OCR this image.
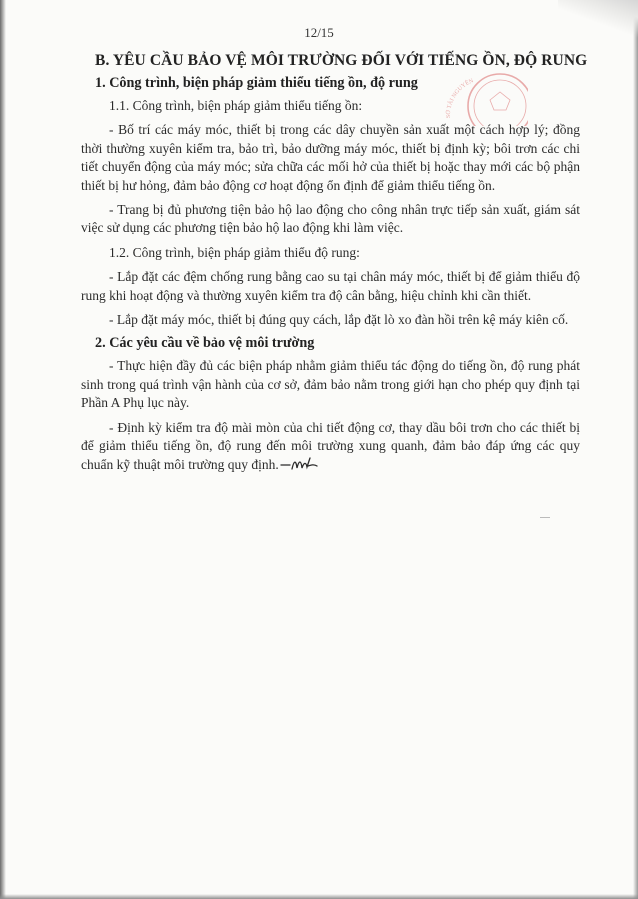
12/15
SỞ TÀI NGUYÊN
B. YÊU CẦU BẢO VỆ MÔI TRƯỜNG ĐỐI VỚI TIẾNG ỒN, ĐỘ RUNG
1. Công trình, biện pháp giảm thiểu tiếng ồn, độ rung

1.1. Công trình, biện pháp giảm thiểu tiếng ồn:

- Bố trí các máy móc, thiết bị trong các dây chuyền sản xuất một cách hợp lý; đồng thời thường xuyên kiểm tra, bảo trì, bảo dưỡng máy móc, thiết bị định kỳ; bôi trơn các chi tiết chuyển động của máy móc; sửa chữa các mối hở của thiết bị hoặc thay mới các bộ phận thiết bị hư hỏng, đảm bảo động cơ hoạt động ổn định để giảm thiểu tiếng ồn.

- Trang bị đủ phương tiện bảo hộ lao động cho công nhân trực tiếp sản xuất, giám sát việc sử dụng các phương tiện bảo hộ lao động khi làm việc.

1.2. Công trình, biện pháp giảm thiểu độ rung:

- Lắp đặt các đệm chống rung bằng cao su tại chân máy móc, thiết bị để giảm thiểu độ rung khi hoạt động và thường xuyên kiểm tra độ cân bằng, hiệu chỉnh khi cần thiết.

- Lắp đặt máy móc, thiết bị đúng quy cách, lắp đặt lò xo đàn hồi trên kệ máy kiên cố.

2. Các yêu cầu về bảo vệ môi trường

- Thực hiện đầy đủ các biện pháp nhằm giảm thiểu tác động do tiếng ồn, độ rung phát sinh trong quá trình vận hành của cơ sở, đảm bảo nằm trong giới hạn cho phép quy định tại Phần A Phụ lục này.

- Định kỳ kiểm tra độ mài mòn của chi tiết động cơ, thay dầu bôi trơn cho các thiết bị để giảm thiểu tiếng ồn, độ rung đến môi trường xung quanh, đảm bảo đáp ứng các quy chuẩn kỹ thuật môi trường quy định.
